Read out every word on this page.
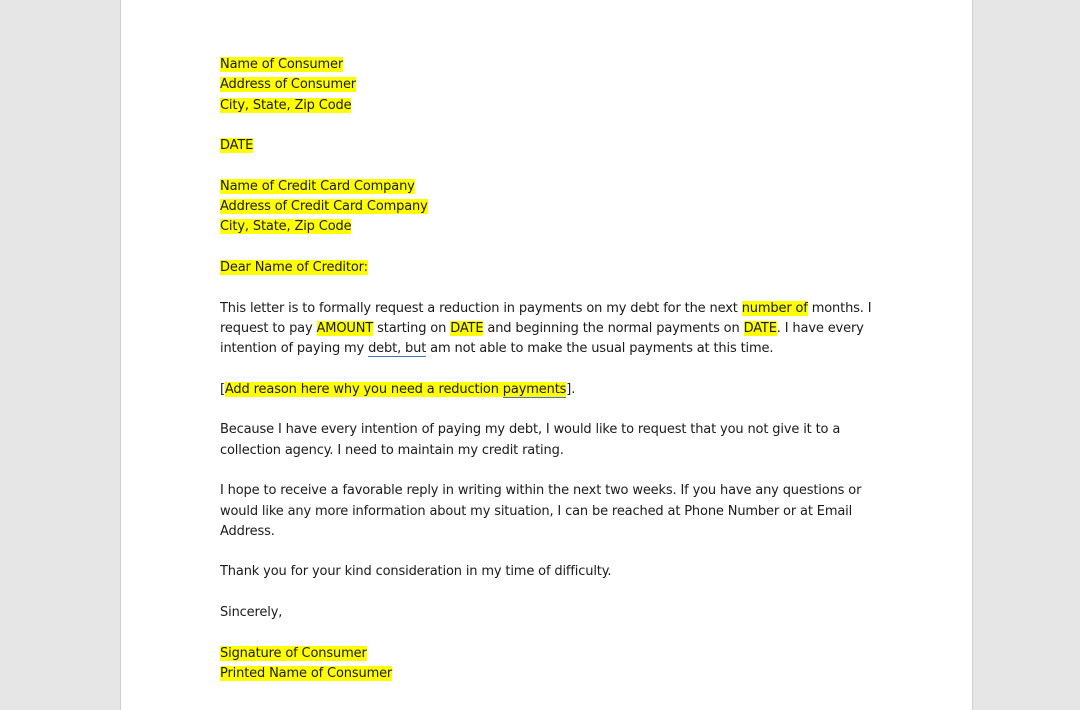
Name of Consumer
Address of Consumer
City, State, Zip Code
DATE
Name of Credit Card Company
Address of Credit Card Company
City, State, Zip Code
Dear Name of Creditor:
This letter is to formally request a reduction in payments on my debt for the next number of months. I
request to pay AMOUNT starting on DATE and beginning the normal payments on DATE. I have every
intention of paying my debt, but am not able to make the usual payments at this time.
[Add reason here why you need a reduction payments].
Because I have every intention of paying my debt, I would like to request that you not give it to a
collection agency. I need to maintain my credit rating.
I hope to receive a favorable reply in writing within the next two weeks. If you have any questions or
would like any more information about my situation, I can be reached at Phone Number or at Email
Address.
Thank you for your kind consideration in my time of difficulty.
Sincerely,
Signature of Consumer
Printed Name of Consumer
